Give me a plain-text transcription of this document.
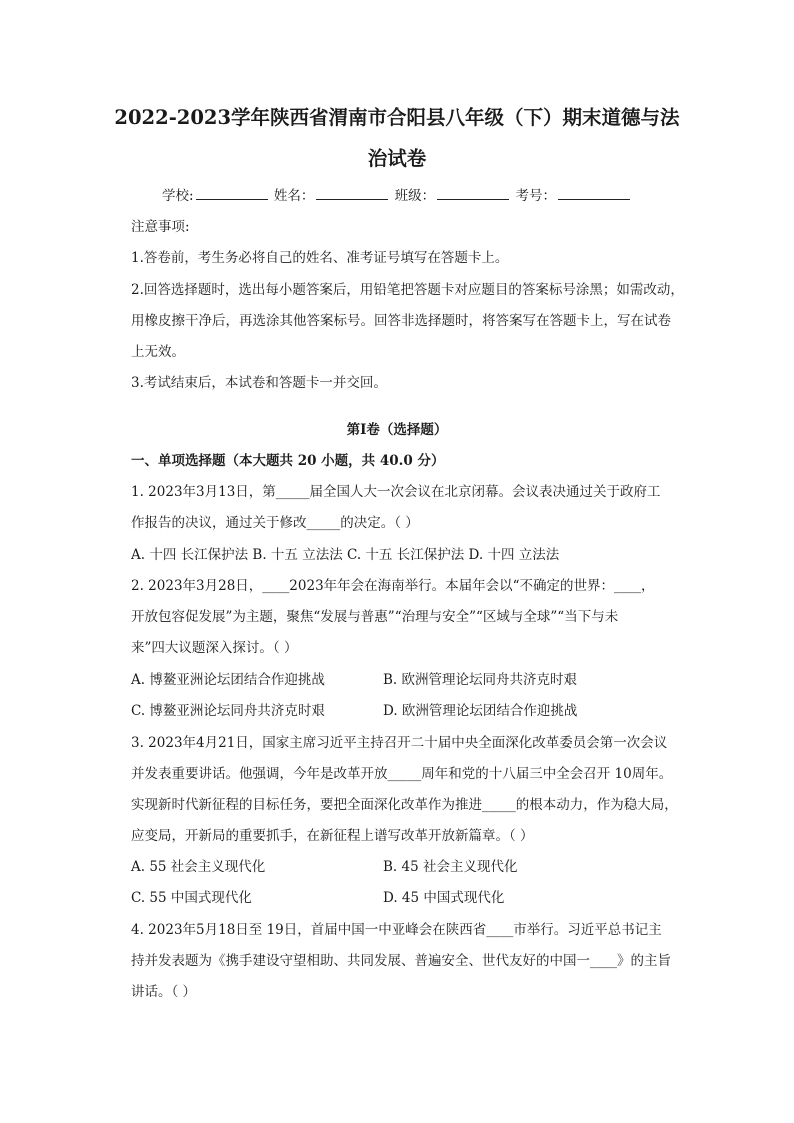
2022-2023学年陕西省渭南市合阳县八年级（下）期末道德与法
治试卷
学校:	姓名：	班级：	考号：
注意事项:
1.答卷前，考生务必将自己的姓名、准考证号填写在答题卡上。
2.回答选择题时，选出每小题答案后，用铅笔把答题卡对应题目的答案标号涂黑；如需改动，
用橡皮擦干净后，再选涂其他答案标号。回答非选择题时，将答案写在答题卡上，写在试卷
上无效。
3.考试结束后，本试卷和答题卡一并交回。
第I卷（选择题）
一、单项选择题（本大题共 20 小题，共 40.0 分）
1. 2023年3月13日，第_____届全国人大一次会议在北京闭幕。会议表决通过关于政府工
作报告的决议，通过关于修改_____的决定。（ ）
A. 十四 长江保护法 B. 十五 立法法 C. 十五 长江保护法 D. 十四 立法法
2. 2023年3月28日，____2023年年会在海南举行。本届年会以“不确定的世界：____，
开放包容促发展”为主题，聚焦“发展与普惠”“治理与安全”“区域与全球”“当下与未
来”四大议题深入探讨。（ ）
A. 博鳌亚洲论坛团结合作迎挑战	B. 欧洲管理论坛同舟共济克时艰
C. 博鳌亚洲论坛同舟共济克时艰	D. 欧洲管理论坛团结合作迎挑战
3. 2023年4月21日，国家主席习近平主持召开二十届中央全面深化改革委员会第一次会议
并发表重要讲话。他强调，今年是改革开放_____周年和党的十八届三中全会召开 10周年。
实现新时代新征程的目标任务，要把全面深化改革作为推进_____的根本动力，作为稳大局，
应变局，开新局的重要抓手，在新征程上谱写改革开放新篇章。（ ）
A. 55 社会主义现代化	B. 45 社会主义现代化
C. 55 中国式现代化	D. 45 中国式现代化
4. 2023年5月18日至 19日，首届中国一中亚峰会在陕西省____市举行。习近平总书记主
持并发表题为《携手建设守望相助、共同发展、普遍安全、世代友好的中国一____》的主旨
讲话。（ ）
